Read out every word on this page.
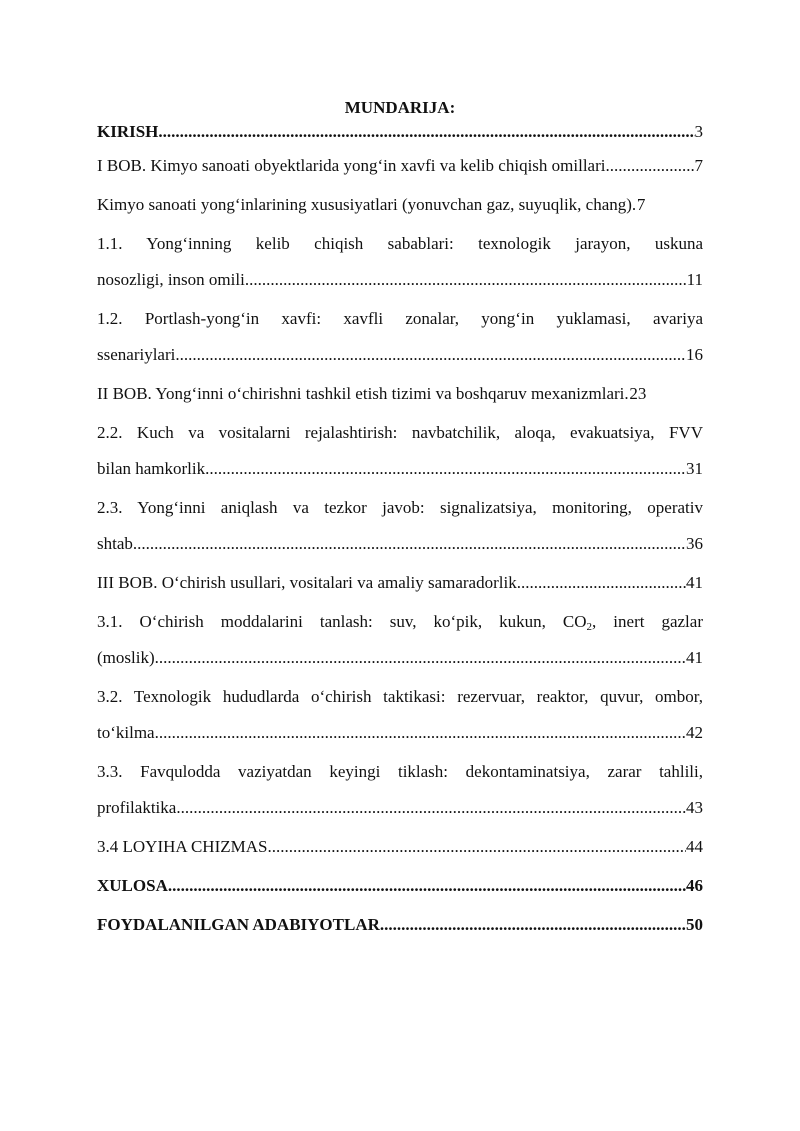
MUNDARIJA:
KIRISH .....	3
I BOB. Kimyo sanoati obyektlarida yong‘in xavfi va kelib chiqish omillari .....	7
Kimyo sanoati yong‘inlarining xususiyatlari (yonuvchan gaz, suyuqlik, chang) ..... 7
1.1. Yong‘inning kelib chiqish sabablari: texnologik jarayon, uskuna
nosozligi, inson omili .....	11
1.2. Portlash-yong‘in xavfi: xavfli zonalar, yong‘in yuklamasi, avariya
ssenariylari .....	16
II BOB. Yong‘inni o‘chirishni tashkil etish tizimi va boshqaruv mexanizmlari ..... 23
2.2. Kuch va vositalarni rejalashtirish: navbatchilik, aloqa, evakuatsiya, FVV
bilan hamkorlik .....	31
2.3. Yong‘inni aniqlash va tezkor javob: signalizatsiya, monitoring, operativ
shtab .....	36
III BOB. O‘chirish usullari, vositalari va amaliy samaradorlik .....	41
3.1. O‘chirish moddalarini tanlash: suv, ko‘pik, kukun, $CO_2$, inert gazlar
(moslik) .....	41
3.2. Texnologik hududlarda o‘chirish taktikasi: rezervuar, reaktor, quvur, ombor,
to‘kilma .....	42
3.3. Favqulodda vaziyatdan keyingi tiklash: dekontaminatsiya, zarar tahlili,
profilaktika .....	43
3.4 LOYIHA CHIZMAS .....	44
XULOSA .....	46
FOYDALANILGAN ADABIYOTLAR .....	50
